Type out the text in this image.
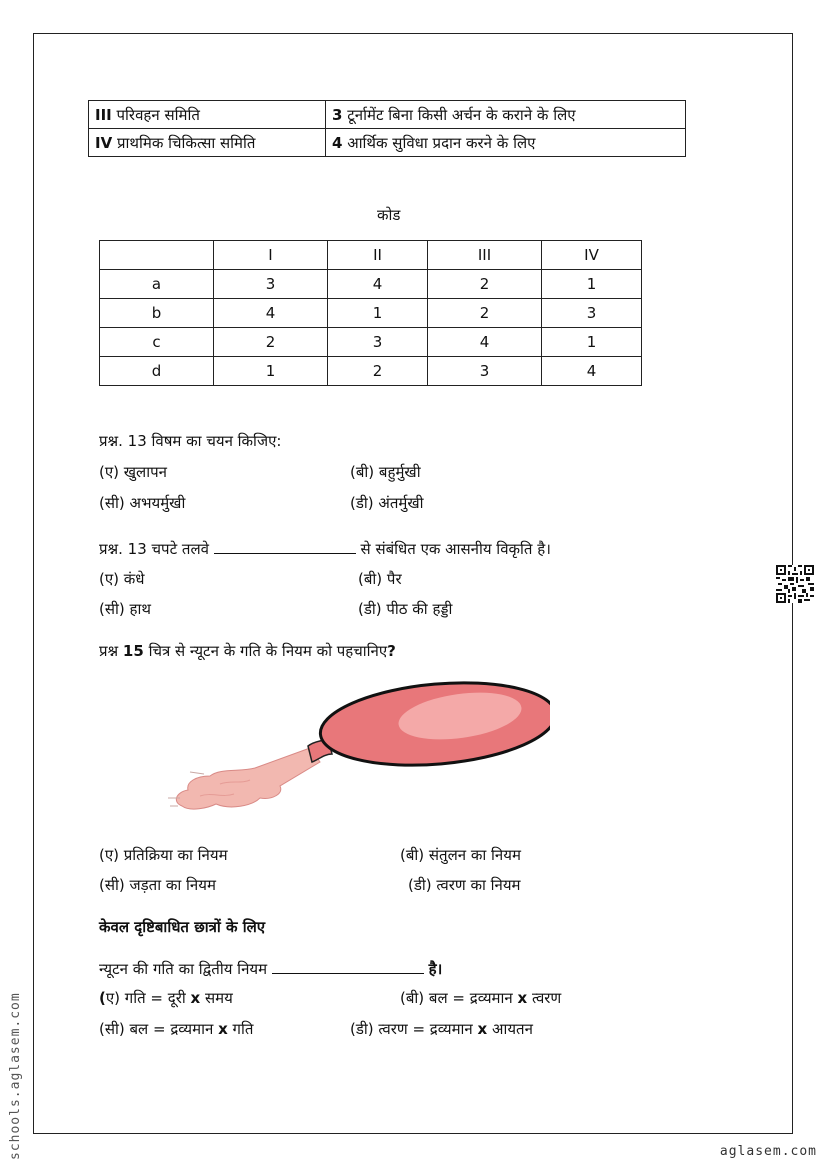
III परिवहन समिति	3 टूर्नामेंट बिना किसी अर्चन के कराने के लिए
IV प्राथमिक चिकित्सा समिति	4 आर्थिक सुविधा प्रदान करने के लिए
कोड
	I	II	III	IV
a	3	4	2	1
b	4	1	2	3
c	2	3	4	1
d	1	2	3	4
प्रश्न. 13 विषम का चयन किजिए:
(ए) खुलापन	(बी) बहुर्मुखी
(सी) अभयर्मुखी	(डी) अंतर्मुखी
प्रश्न. 13 चपटे तलवे	से संबंधित एक आसनीय विकृति है।
(ए) कंधे	(बी) पैर
(सी) हाथ	(डी) पीठ की हड्डी
प्रश्न 15 चित्र से न्यूटन के गति के नियम को पहचानिए?
(ए) प्रतिक्रिया का नियम	(बी) संतुलन का नियम
(सी) जड़ता का नियम	(डी) त्वरण का नियम
केवल दृष्टिबाधित छात्रों के लिए
न्यूटन की गति का द्वितीय नियम	है।
(ए) गति = दूरी x समय	(बी) बल = द्रव्यमान x त्वरण
(सी) बल = द्रव्यमान x गति	(डी) त्वरण = द्रव्यमान x आयतन
schools.aglasem.com	aglasem.com
